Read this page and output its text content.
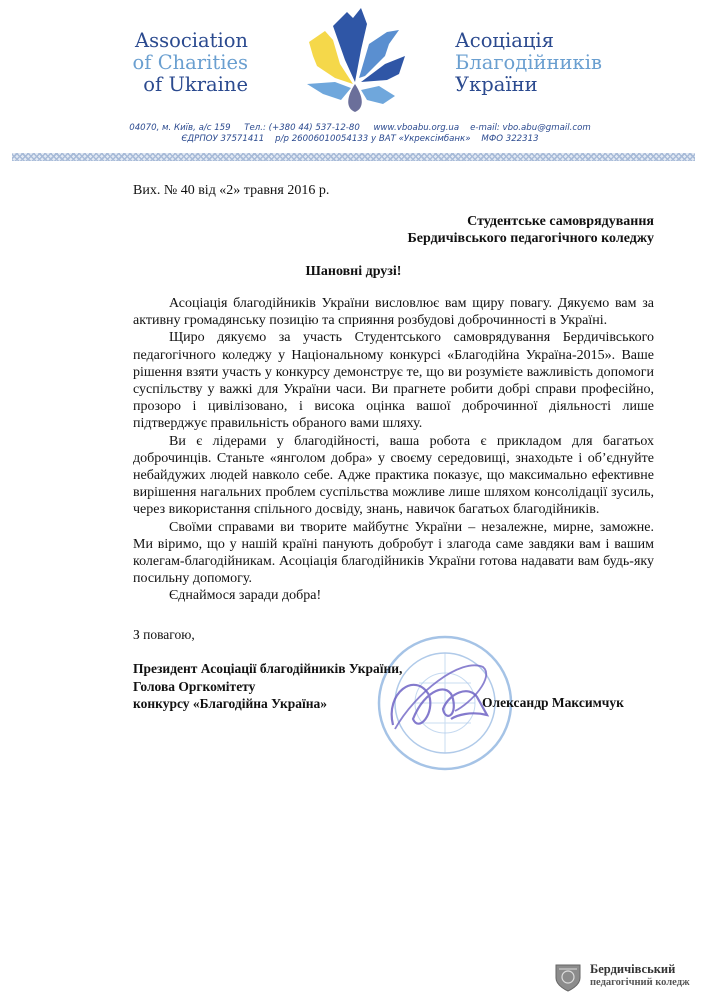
Association
of Charities
of Ukraine
Асоціація
Благодійників
України
04070, м. Київ, а/с 159     Тел.: (+380 44) 537-12-80     www.vboabu.org.ua    e-mail: vbo.abu@gmail.com
ЄДРПОУ 37571411    р/р 26006010054133 у ВАТ «Укрексімбанк»    МФО 322313
Вих. № 40 від «2» травня 2016 р.
Студентське самоврядування
Бердичівського педагогічного коледжу
Шановні друзі!

Асоціація благодійників України висловлює вам щиру повагу. Дякуємо вам за активну громадянську позицію та сприяння розбудові доброчинності в Україні.

Щиро дякуємо за участь Студентського самоврядування Бердичівського педагогічного коледжу у Національному конкурсі «Благодійна Україна-2015». Ваше рішення взяти участь у конкурсу демонструє те, що ви розумієте важливість допомоги суспільству у важкі для України часи. Ви прагнете робити добрі справи професійно, прозоро і цивілізовано, і висока оцінка вашої доброчинної діяльності лише підтверджує правильність обраного вами шляху.

Ви є лідерами у благодійності, ваша робота є прикладом для багатьох доброчинців. Станьте «янголом добра» у своєму середовищі, знаходьте і об’єднуйте небайдужих людей навколо себе. Адже практика показує, що максимально ефективне вирішення нагальних проблем суспільства можливе лише шляхом консолідації зусиль, через використання спільного досвіду, знань, навичок багатьох благодійників.

Своїми справами ви творите майбутнє України – незалежне, мирне, заможне. Ми віримо, що у нашій країні панують добробут і злагода саме завдяки вам і вашим колегам-благодійникам. Асоціація благодійників України готова надавати вам будь-яку посильну допомогу.

Єднаймося заради добра!

З повагою,
Президент Асоціації благодійників України,
Голова Оргкомітету
конкурсу «Благодійна Україна»	Олександр Максимчук
Бердичівський
педагогічний коледж
